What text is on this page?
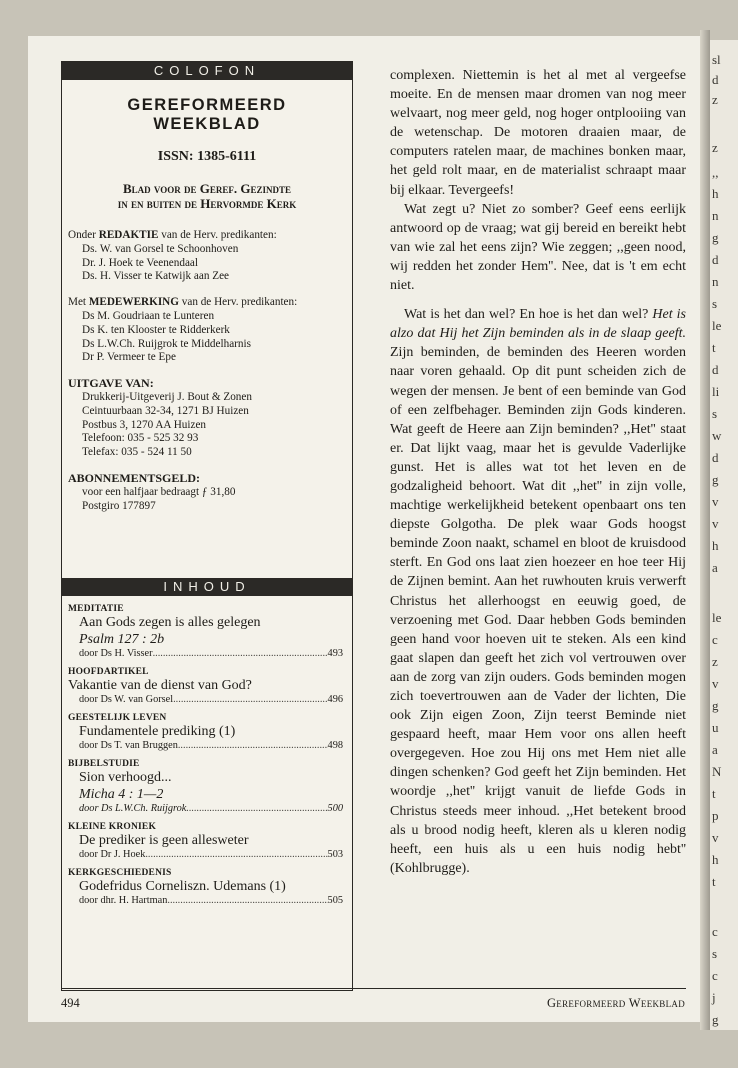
sl
d
z
z
,,
h
n
g
d
n
s
le
t
d
li
s
w
d
g
v
v
h
a
le
c
z
v
g
u
a
N
t
p
v
h
t
c
s
c
j
g
COLOFON
GEREFORMEERD
WEEKBLAD
ISSN: 1385-6111
Blad voor de Geref. Gezindte
in en buiten de Hervormde Kerk
Onder REDAKTIE van de Herv. predikanten:
Ds. W. van Gorsel te Schoonhoven
Dr. J. Hoek te Veenendaal
Ds. H. Visser te Katwijk aan Zee
Met MEDEWERKING van de Herv. predikanten:
Ds M. Goudriaan te Lunteren
Ds K. ten Klooster te Ridderkerk
Ds L.W.Ch. Ruijgrok te Middelharnis
Dr P. Vermeer te Epe
UITGAVE VAN:
Drukkerij-Uitgeverij J. Bout & Zonen
Ceintuurbaan 32-34, 1271 BJ Huizen
Postbus 3, 1270 AA Huizen
Telefoon: 035 - 525 32 93
Telefax: 035 - 524 11 50
ABONNEMENTSGELD:
voor een halfjaar bedraagt ƒ 31,80
Postgiro 177897
INHOUD
MEDITATIE
Aan Gods zegen is alles gelegen
Psalm 127 : 2b
door Ds H. Visser .....	493
HOOFDARTIKEL
Vakantie van de dienst van God?
door Ds W. van Gorsel .....	496
GEESTELIJK LEVEN
Fundamentele prediking (1)
door Ds T. van Bruggen .....	498
BIJBELSTUDIE
Sion verhoogd...
Micha 4 : 1—2
door Ds L.W.Ch. Ruijgrok .....	500
KLEINE KRONIEK
De prediker is geen allesweter
door Dr J. Hoek .....	503
KERKGESCHIEDENIS
Godefridus Corneliszn. Udemans (1)
door dhr. H. Hartman .....	505

complexen. Niettemin is het al met al vergeefse moeite. En de mensen maar dromen van nog meer welvaart, nog meer geld, nog hoger ontplooiing van de wetenschap. De motoren draaien maar, de computers ratelen maar, de machines bonken maar, het geld rolt maar, en de materialist schraapt maar bij elkaar. Tevergeefs!

Wat zegt u? Niet zo somber? Geef eens eerlijk antwoord op de vraag; wat gij bereid en bereikt hebt van wie zal het eens zijn? Wie zeggen; ,,geen nood, wij redden het zonder Hem''. Nee, dat is 't em echt niet.

Wat is het dan wel? En hoe is het dan wel? Het is alzo dat Hij het Zijn beminden als in de slaap geeft. Zijn beminden, de beminden des Heeren worden naar voren gehaald. Op dit punt scheiden zich de wegen der mensen. Je bent of een beminde van God of een zelfbehager. Beminden zijn Gods kinderen. Wat geeft de Heere aan Zijn beminden? ,,Het'' staat er. Dat lijkt vaag, maar het is gevulde Vaderlijke gunst. Het is alles wat tot het leven en de godzaligheid behoort. Wat dit ,,het'' in zijn volle, machtige werkelijkheid betekent openbaart ons ten diepste Golgotha. De plek waar Gods hoogst beminde Zoon naakt, schamel en bloot de kruisdood sterft. En God ons laat zien hoezeer en hoe teer Hij de Zijnen bemint. Aan het ruwhouten kruis verwerft Christus het allerhoogst en eeuwig goed, de verzoening met God. Daar hebben Gods beminden geen hand voor hoeven uit te steken. Als een kind gaat slapen dan geeft het zich vol vertrouwen over aan de zorg van zijn ouders. Gods beminden mogen zich toevertrouwen aan de Vader der lichten, Die ook Zijn eigen Zoon, Zijn teerst Beminde niet gespaard heeft, maar Hem voor ons allen heeft overgegeven. Hoe zou Hij ons met Hem niet alle dingen schenken? God geeft het Zijn beminden. Het woordje ,,het'' krijgt vanuit de liefde Gods in Christus steeds meer inhoud. ,,Het betekent brood als u brood nodig heeft, kleren als u kleren nodig heeft, een huis als u een huis nodig hebt'' (Kohlbrugge).

494	Gereformeerd Weekblad
